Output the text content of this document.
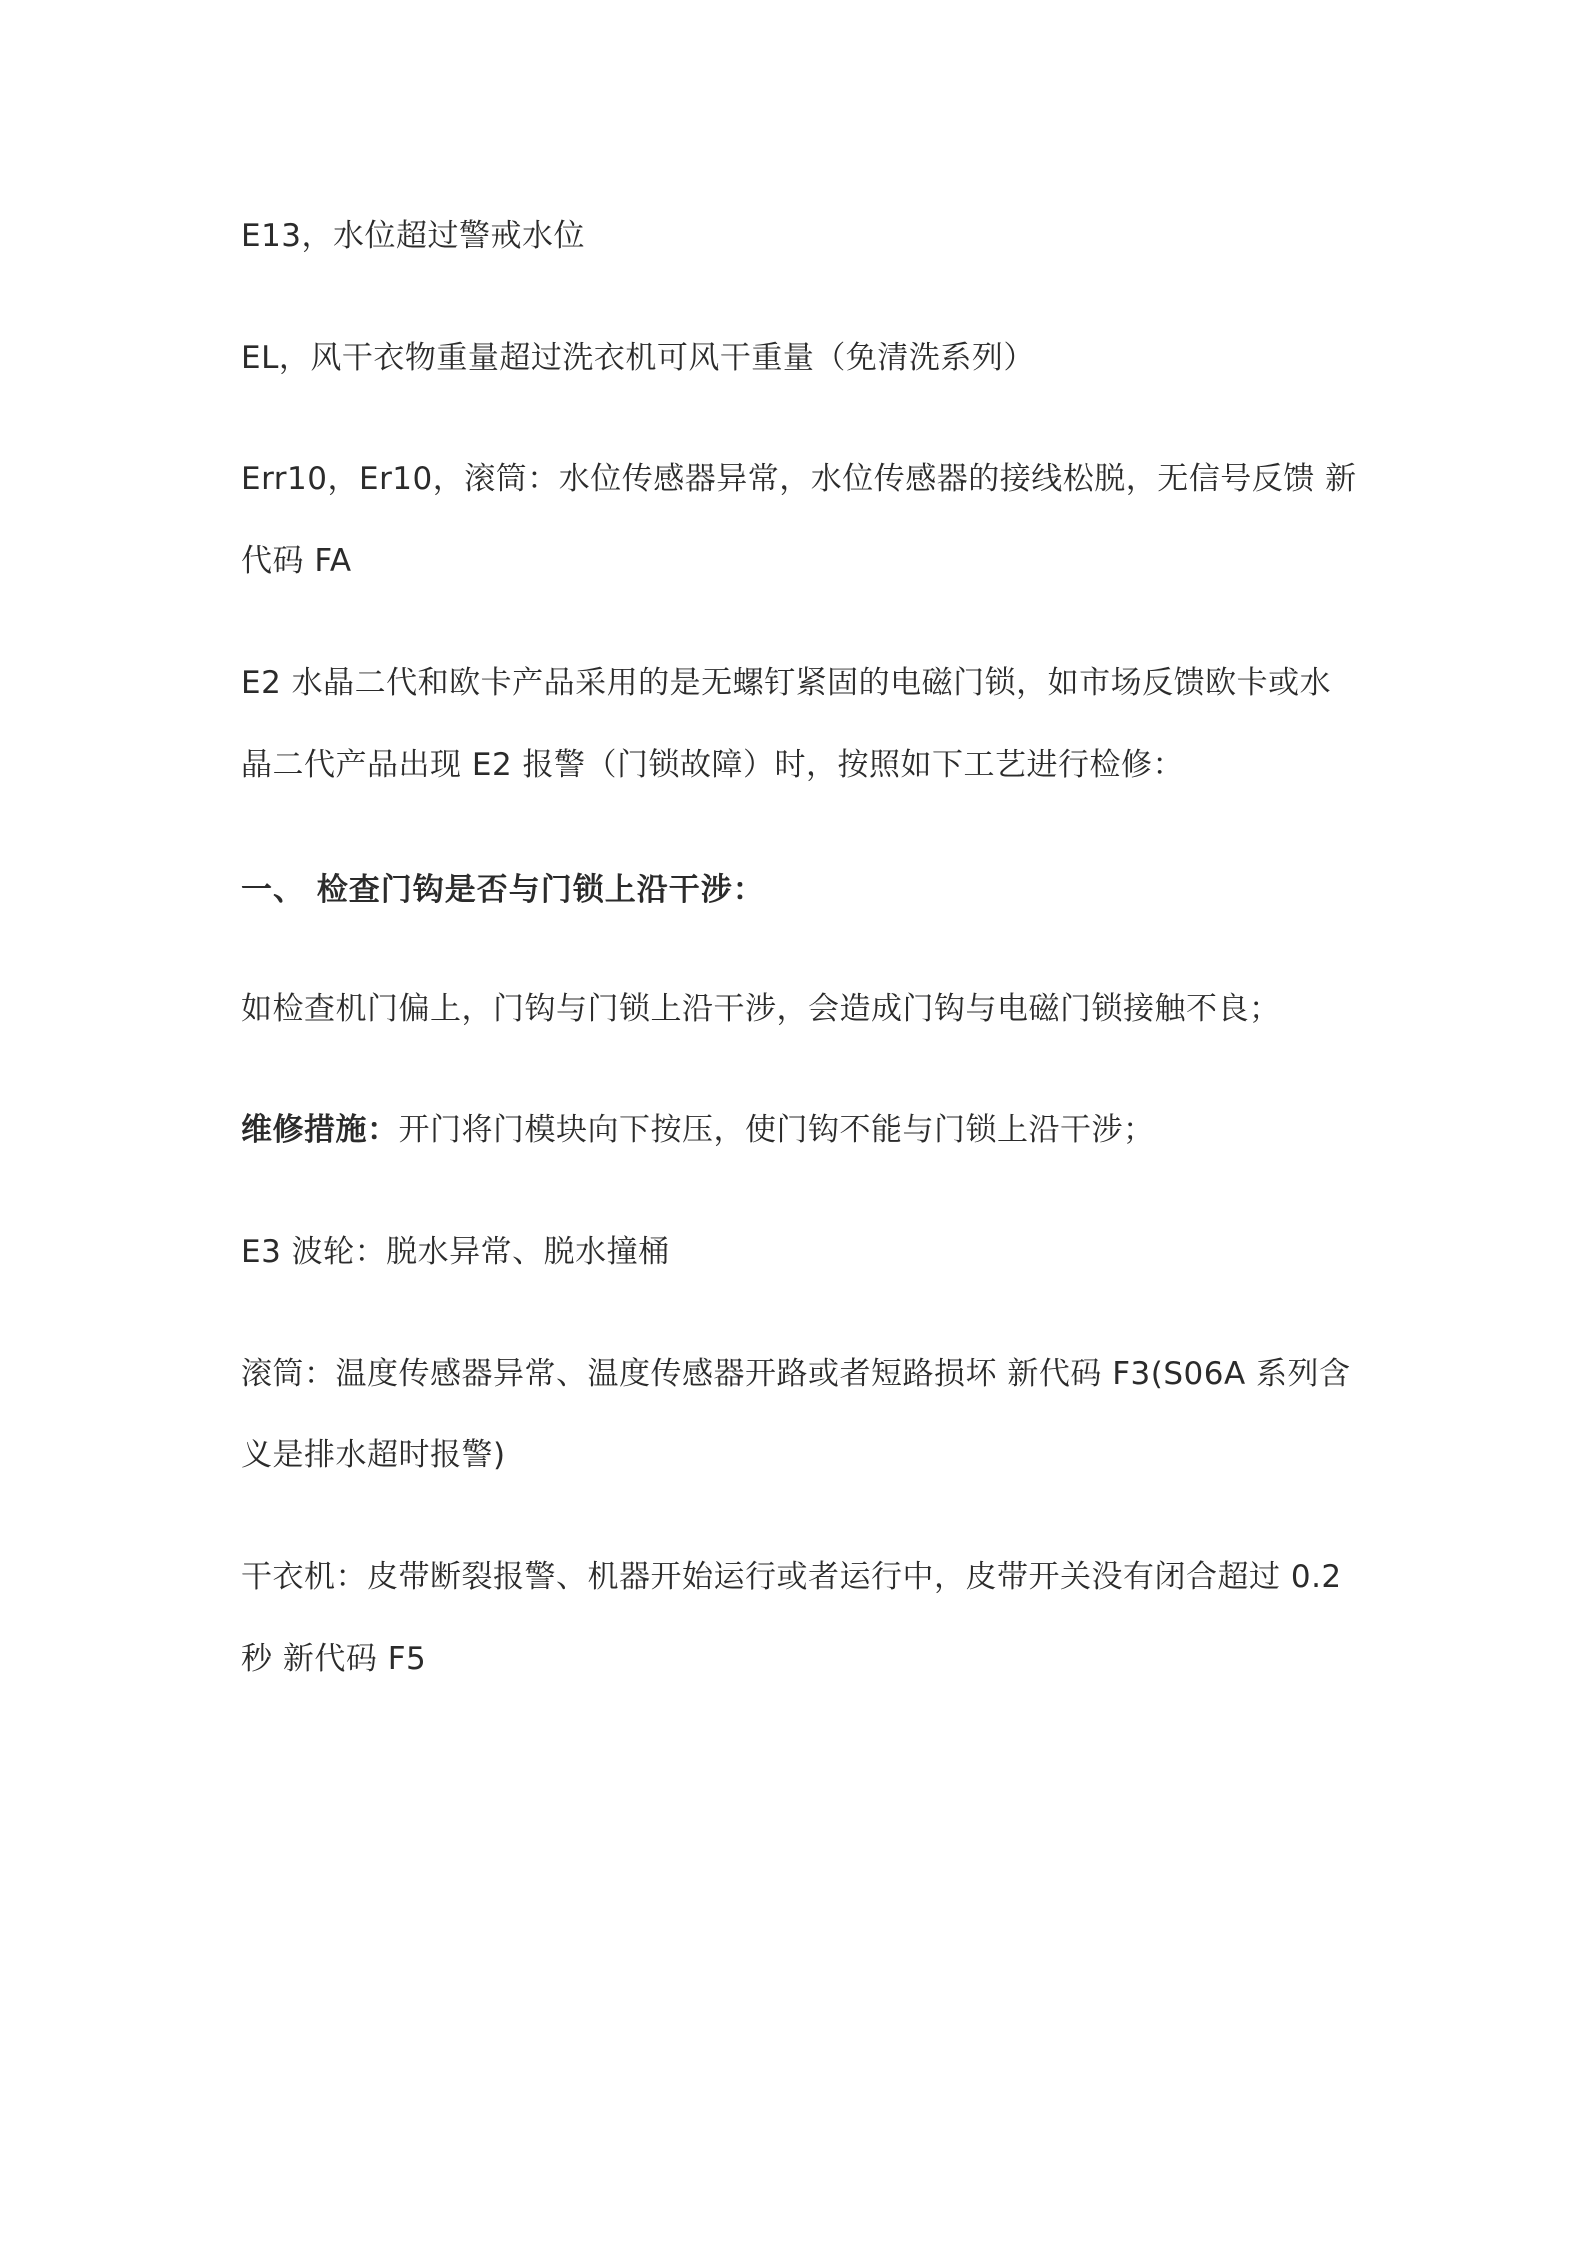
E13，水位超过警戒水位
EL，风干衣物重量超过洗衣机可风干重量（免清洗系列）
Err10，Er10，滚筒：水位传感器异常，水位传感器的接线松脱，无信号反馈 新
代码 FA
E2 水晶二代和欧卡产品采用的是无螺钉紧固的电磁门锁，如市场反馈欧卡或水
晶二代产品出现 E2 报警（门锁故障）时，按照如下工艺进行检修：
一、 检查门钩是否与门锁上沿干涉：
如检查机门偏上，门钩与门锁上沿干涉，会造成门钩与电磁门锁接触不良；
维修措施：开门将门模块向下按压，使门钩不能与门锁上沿干涉；
E3 波轮：脱水异常、脱水撞桶
滚筒：温度传感器异常、温度传感器开路或者短路损坏 新代码 F3(S06A 系列含
义是排水超时报警)
干衣机：皮带断裂报警、机器开始运行或者运行中，皮带开关没有闭合超过 0.2
秒 新代码 F5
